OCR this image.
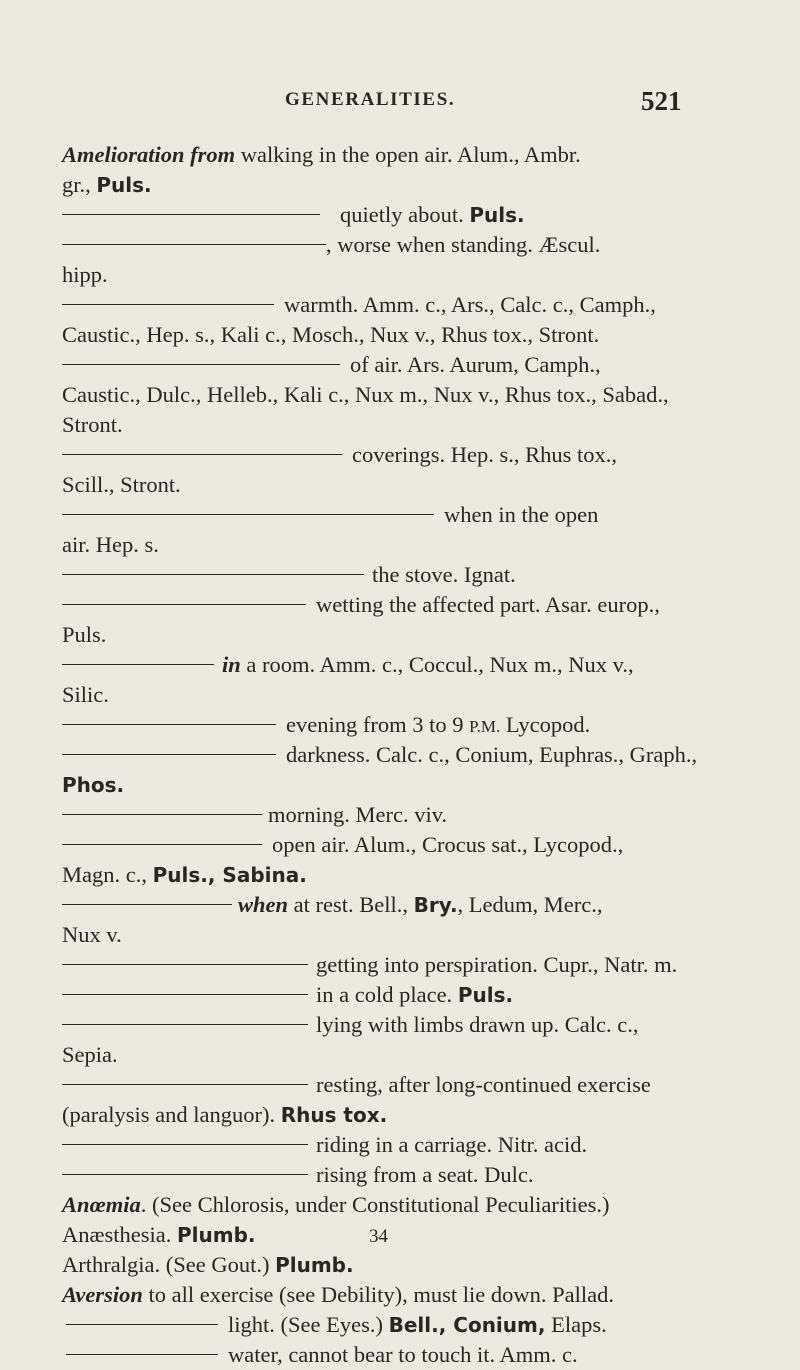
GENERALITIES.	521
Amelioration from walking in the open air. Alum., Ambr.
gr., Puls.
quietly about. Puls.
, worse when standing. Æscul.
hipp.
warmth. Amm. c., Ars., Calc. c., Camph.,
Caustic., Hep. s., Kali c., Mosch., Nux v., Rhus tox., Stront.
of air. Ars. Aurum, Camph.,
Caustic., Dulc., Helleb., Kali c., Nux m., Nux v., Rhus tox., Sabad.,
Stront.
coverings. Hep. s., Rhus tox.,
Scill., Stront.
when in the open
air. Hep. s.
the stove. Ignat.
wetting the affected part. Asar. europ.,
Puls.
in a room. Amm. c., Coccul., Nux m., Nux v.,
Silic.
evening from 3 to 9 P.M. Lycopod.
darkness. Calc. c., Conium, Euphras., Graph.,
Phos.
morning. Merc. viv.
open air. Alum., Crocus sat., Lycopod.,
Magn. c., Puls., Sabina.
when at rest. Bell., Bry., Ledum, Merc.,
Nux v.
getting into perspiration. Cupr., Natr. m.
in a cold place. Puls.
lying with limbs drawn up. Calc. c.,
Sepia.
resting, after long-continued exercise
(paralysis and languor). Rhus tox.
riding in a carriage. Nitr. acid.
rising from a seat. Dulc.
Anœmia. (See Chlorosis, under Constitutional Peculiarities.)
Anæsthesia. Plumb.
Arthralgia. (See Gout.) Plumb.
Aversion to all exercise (see Debility), must lie down. Pallad.
light. (See Eyes.) Bell., Conium, Elaps.
water, cannot bear to touch it. Amm. c.
34
